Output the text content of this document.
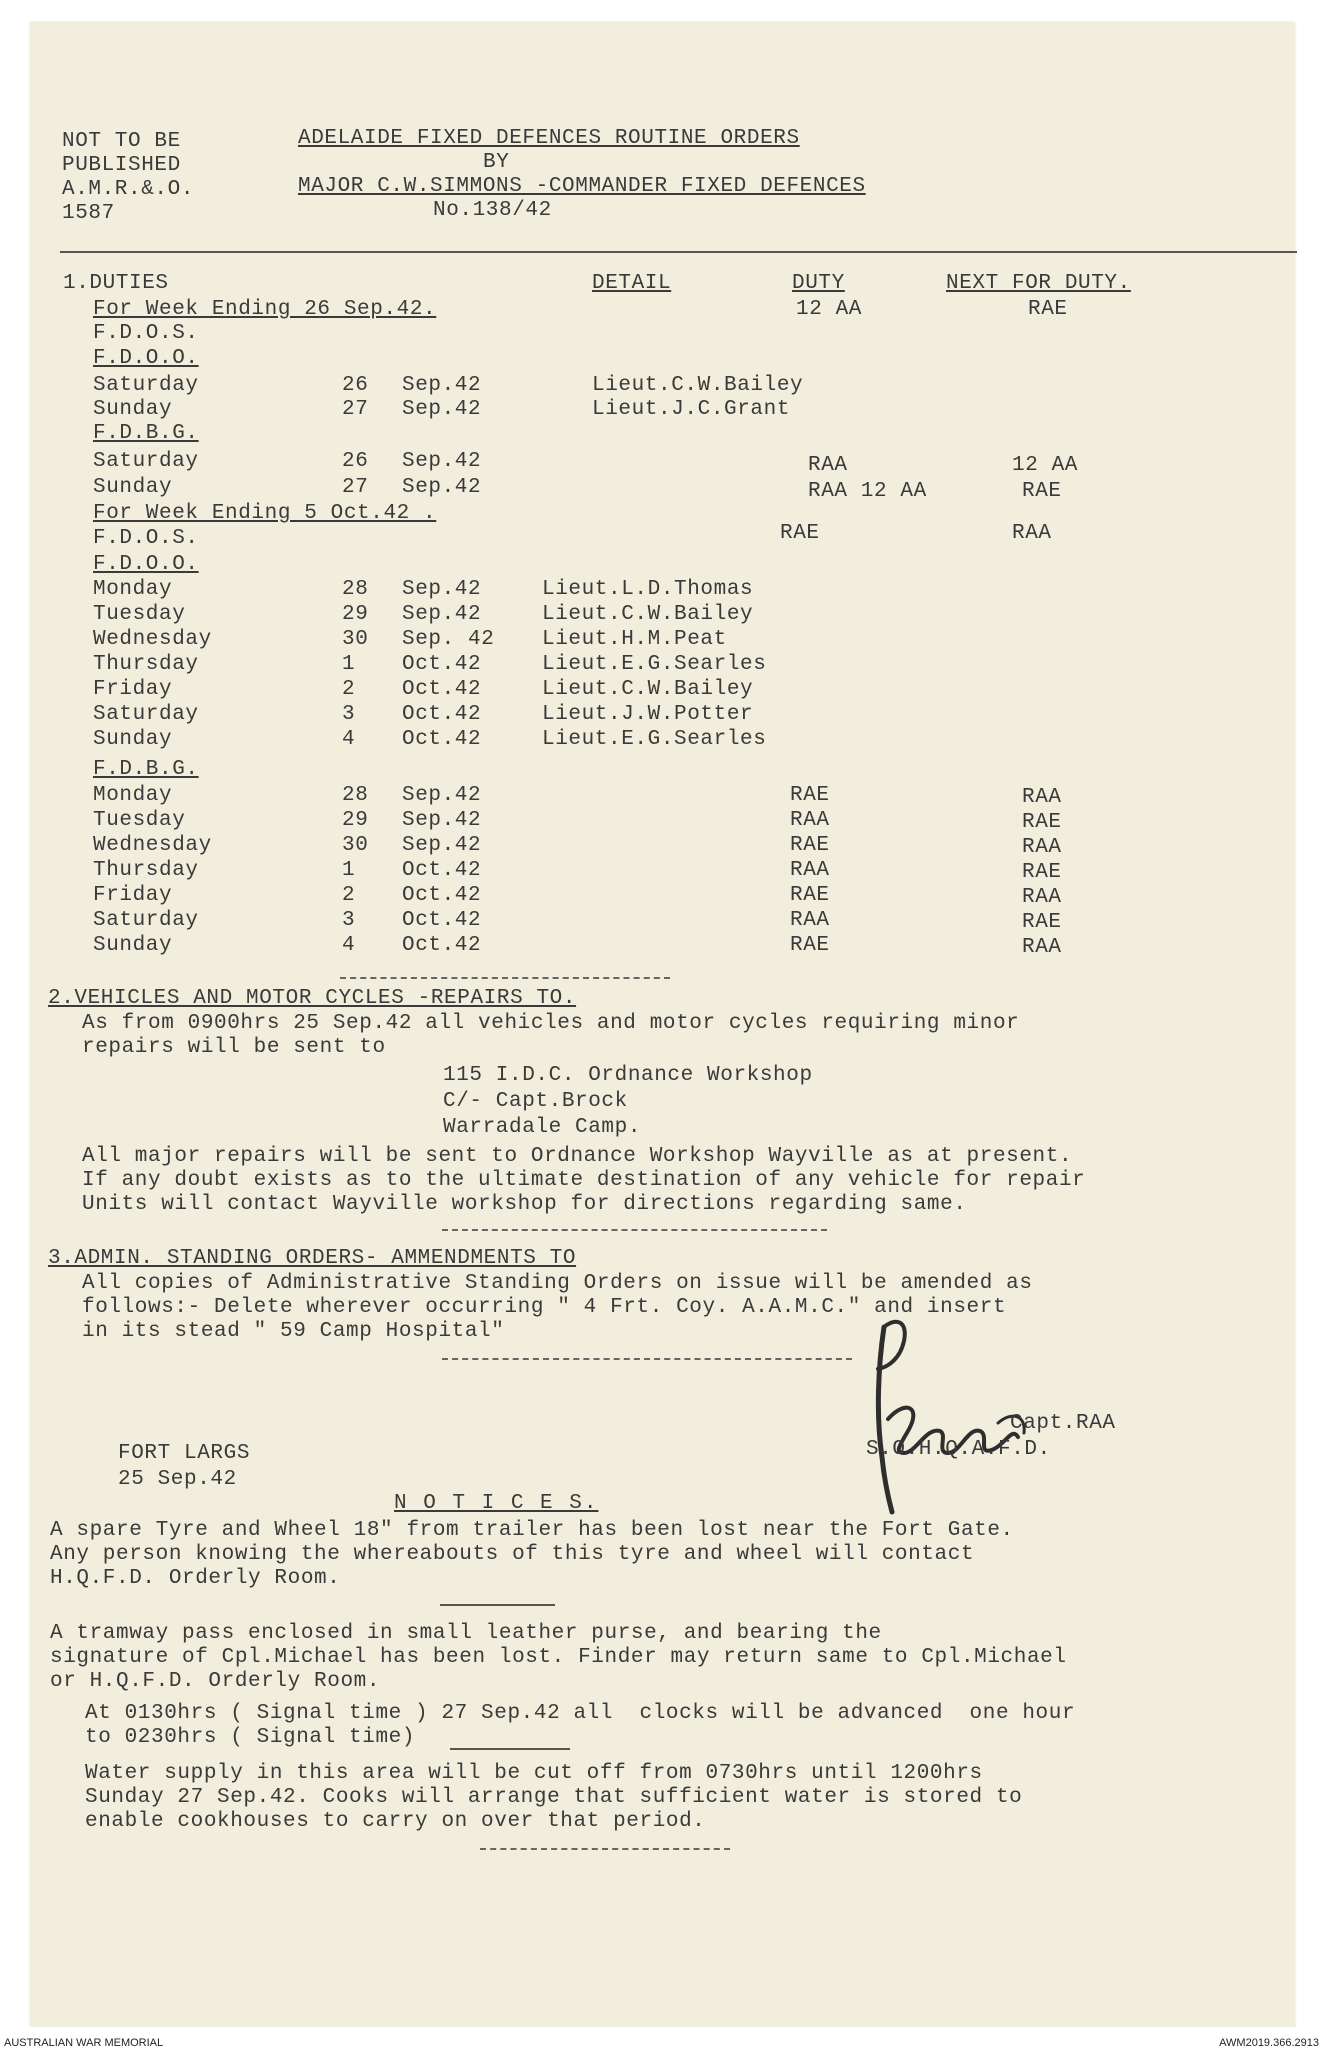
NOT TO BE
PUBLISHED
A.M.R.&.O.
1587
ADELAIDE FIXED DEFENCES ROUTINE ORDERS
BY
MAJOR C.W.SIMMONS -COMMANDER FIXED DEFENCES
No.138/42
1.DUTIES	DETAIL	DUTY	NEXT FOR DUTY.
For Week Ending 26 Sep.42.	12 AA	RAE
F.D.O.S.
F.D.O.O.
Saturday	26 Sep.42	Lieut.C.W.Bailey
Sunday	27 Sep.42	Lieut.J.C.Grant
F.D.B.G.
Saturday	26 Sep.42	RAA	12 AA
Sunday	27 Sep.42	RAA 12 AA	RAE
For Week Ending 5 Oct.42 .
RAE	RAA
F.D.O.S.
F.D.O.O.
Monday	28 Sep.42	Lieut.L.D.Thomas
Tuesday	29 Sep.42	Lieut.C.W.Bailey
Wednesday	30 Sep. 42 Lieut.H.M.Peat
Thursday	1 Oct.42	Lieut.E.G.Searles
Friday	2 Oct.42	Lieut.C.W.Bailey
Saturday	3 Oct.42	Lieut.J.W.Potter
Sunday	4 Oct.42	Lieut.E.G.Searles
F.D.B.G.
Monday	28 Sep.42	RAE	RAA
Tuesday	29 Sep.42	RAA	RAE
Wednesday	30 Sep.42	RAE	RAA
Thursday	1 Oct.42	RAA	RAE
Friday	2 Oct.42	RAE	RAA
Saturday	3 Oct.42	RAA	RAE
Sunday	4 Oct.42	RAE	RAA
2.VEHICLES AND MOTOR CYCLES -REPAIRS TO.
As from 0900hrs 25 Sep.42 all vehicles and motor cycles requiring minor
repairs will be sent to
115 I.D.C. Ordnance Workshop
C/- Capt.Brock
Warradale Camp.
All major repairs will be sent to Ordnance Workshop Wayville as at present.
If any doubt exists as to the ultimate destination of any vehicle for repair
Units will contact Wayville workshop for directions regarding same.
3.ADMIN. STANDING ORDERS- AMMENDMENTS TO
All copies of Administrative Standing Orders on issue will be amended as
follows:- Delete wherever occurring " 4 Frt. Coy. A.A.M.C." and insert
in its stead " 59 Camp Hospital"
Capt.RAA
S.O.H.Q.A.F.D.
FORT LARGS
25 Sep.42
N O T I C E S.
A spare Tyre and Wheel 18" from trailer has been lost near the Fort Gate.
Any person knowing the whereabouts of this tyre and wheel will contact
H.Q.F.D. Orderly Room.
A tramway pass enclosed in small leather purse, and bearing the
signature of Cpl.Michael has been lost. Finder may return same to Cpl.Michael
or H.Q.F.D. Orderly Room.
At 0130hrs ( Signal time ) 27 Sep.42 all  clocks will be advanced  one hour
to 0230hrs ( Signal time)
Water supply in this area will be cut off from 0730hrs until 1200hrs
Sunday 27 Sep.42. Cooks will arrange that sufficient water is stored to
enable cookhouses to carry on over that period.
AUSTRALIAN WAR MEMORIAL	AWM2019.366.2913
